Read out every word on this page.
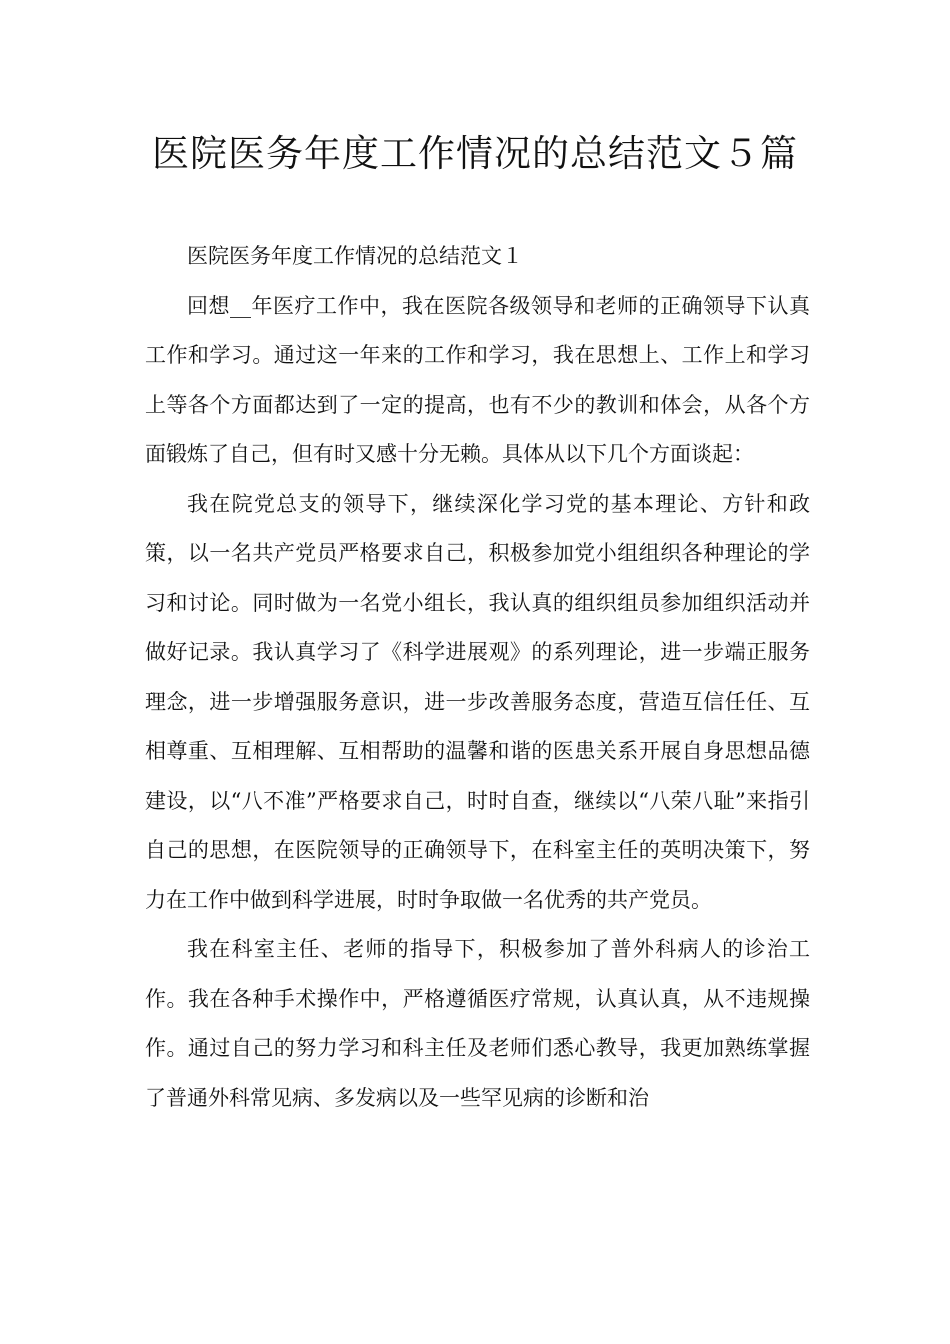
医院医务年度工作情况的总结范文５篇

医院医务年度工作情况的总结范文１

回想__年医疗工作中，我在医院各级领导和老师的正确领导下认真工作和学习。通过这一年来的工作和学习，我在思想上、工作上和学习上等各个方面都达到了一定的提高，也有不少的教训和体会，从各个方面锻炼了自己，但有时又感十分无赖。具体从以下几个方面谈起：

我在院党总支的领导下，继续深化学习党的基本理论、方针和政策，以一名共产党员严格要求自己，积极参加党小组组织各种理论的学习和讨论。同时做为一名党小组长，我认真的组织组员参加组织活动并做好记录。我认真学习了《科学进展观》的系列理论，进一步端正服务理念，进一步增强服务意识，进一步改善服务态度，营造互信任任、互相尊重、互相理解、互相帮助的温馨和谐的医患关系开展自身思想品德建设，以“八不准”严格要求自己，时时自查，继续以“八荣八耻”来指引自己的思想，在医院领导的正确领导下，在科室主任的英明决策下，努力在工作中做到科学进展，时时争取做一名优秀的共产党员。

我在科室主任、老师的指导下，积极参加了普外科病人的诊治工作。我在各种手术操作中，严格遵循医疗常规，认真认真，从不违规操作。通过自己的努力学习和科主任及老师们悉心教导，我更加熟练掌握了普通外科常见病、多发病以及一些罕见病的诊断和治
